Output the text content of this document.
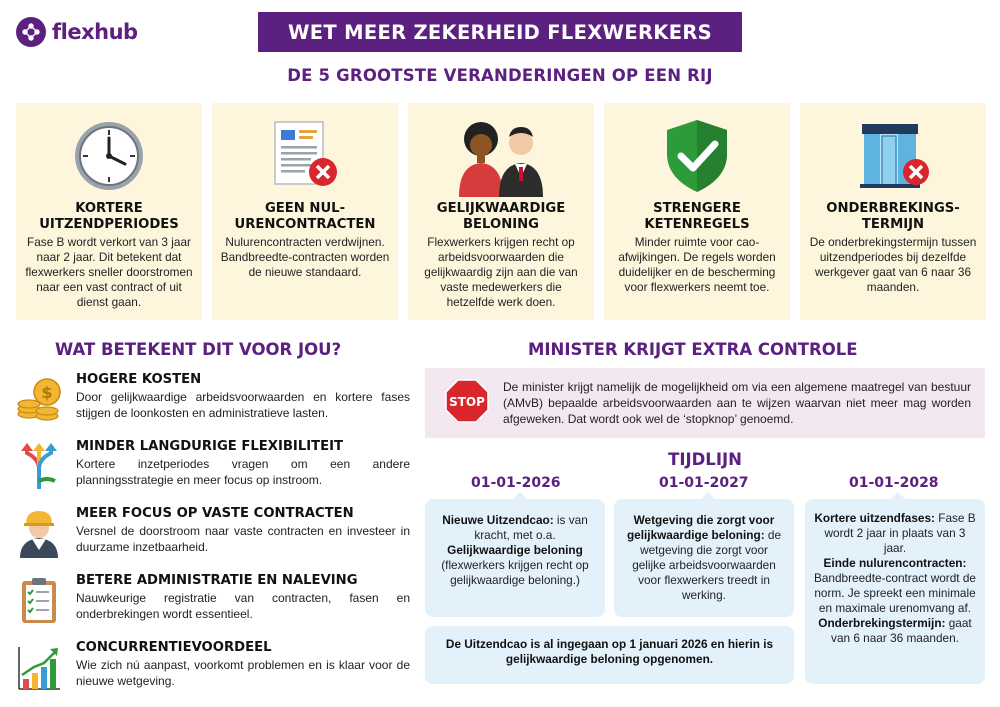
flexhub	WET MEER ZEKERHEID FLEXWERKERS
DE 5 GROOTSTE VERANDERINGEN OP EEN RIJ
KORTERE UITZENDPERIODES
Fase B wordt verkort van 3 jaar naar 2 jaar. Dit betekent dat flexwerkers sneller doorstromen naar een vast contract of uit dienst gaan.
GEEN NUL-URENCONTRACTEN
Nulurencontracten verdwijnen. Bandbreedte-contracten worden de nieuwe standaard.
GELIJKWAARDIGE BELONING
Flexwerkers krijgen recht op arbeidsvoorwaarden die gelijkwaardig zijn aan die van vaste medewerkers die hetzelfde werk doen.
STRENGERE KETENREGELS
Minder ruimte voor cao-afwijkingen. De regels worden duidelijker en de bescherming voor flexwerkers neemt toe.
ONDERBREKINGS-TERMIJN
De onderbrekingstermijn tussen uitzendperiodes bij dezelfde werkgever gaat van 6 naar 36 maanden.
WAT BETEKENT DIT VOOR JOU?
$
HOGERE KOSTEN
Door gelijkwaardige arbeidsvoorwaarden en kortere fases stijgen de loonkosten en administratieve lasten.
MINDER LANGDURIGE FLEXIBILITEIT
Kortere inzetperiodes vragen om een andere planningsstrategie en meer focus op instroom.
MEER FOCUS OP VASTE CONTRACTEN
Versnel de doorstroom naar vaste contracten en investeer in duurzame inzetbaarheid.
BETERE ADMINISTRATIE EN NALEVING
Nauwkeurige registratie van contracten, fasen en onderbrekingen wordt essentieel.
CONCURRENTIEVOORDEEL
Wie zich nú aanpast, voorkomt problemen en is klaar voor de nieuwe wetgeving.
MINISTER KRIJGT EXTRA CONTROLE
STOP
De minister krijgt namelijk de mogelijkheid om via een algemene maatregel van bestuur (AMvB) bepaalde arbeidsvoorwaarden aan te wijzen waarvan niet meer mag worden afgeweken. Dat wordt ook wel de ‘stopknop’ genoemd.
TIJDLIJN
01-01-2026	01-01-2027	01-01-2028
Nieuwe Uitzendcao: is van kracht, met o.a.
Gelijkwaardige beloning
(flexwerkers krijgen recht op gelijkwaardige beloning.)
Wetgeving die zorgt voor gelijkwaardige beloning: de wetgeving die zorgt voor gelijke arbeidsvoorwaarden voor flexwerkers treedt in werking.
Kortere uitzendfases: Fase B wordt 2 jaar in plaats van 3 jaar.
Einde nulurencontracten: Bandbreedte-contract wordt de norm. Je spreekt een minimale en maximale urenomvang af.
Onderbrekingstermijn: gaat van 6 naar 36 maanden.
De Uitzendcao is al ingegaan op 1 januari 2026 en hierin is gelijkwaardige beloning opgenomen.
